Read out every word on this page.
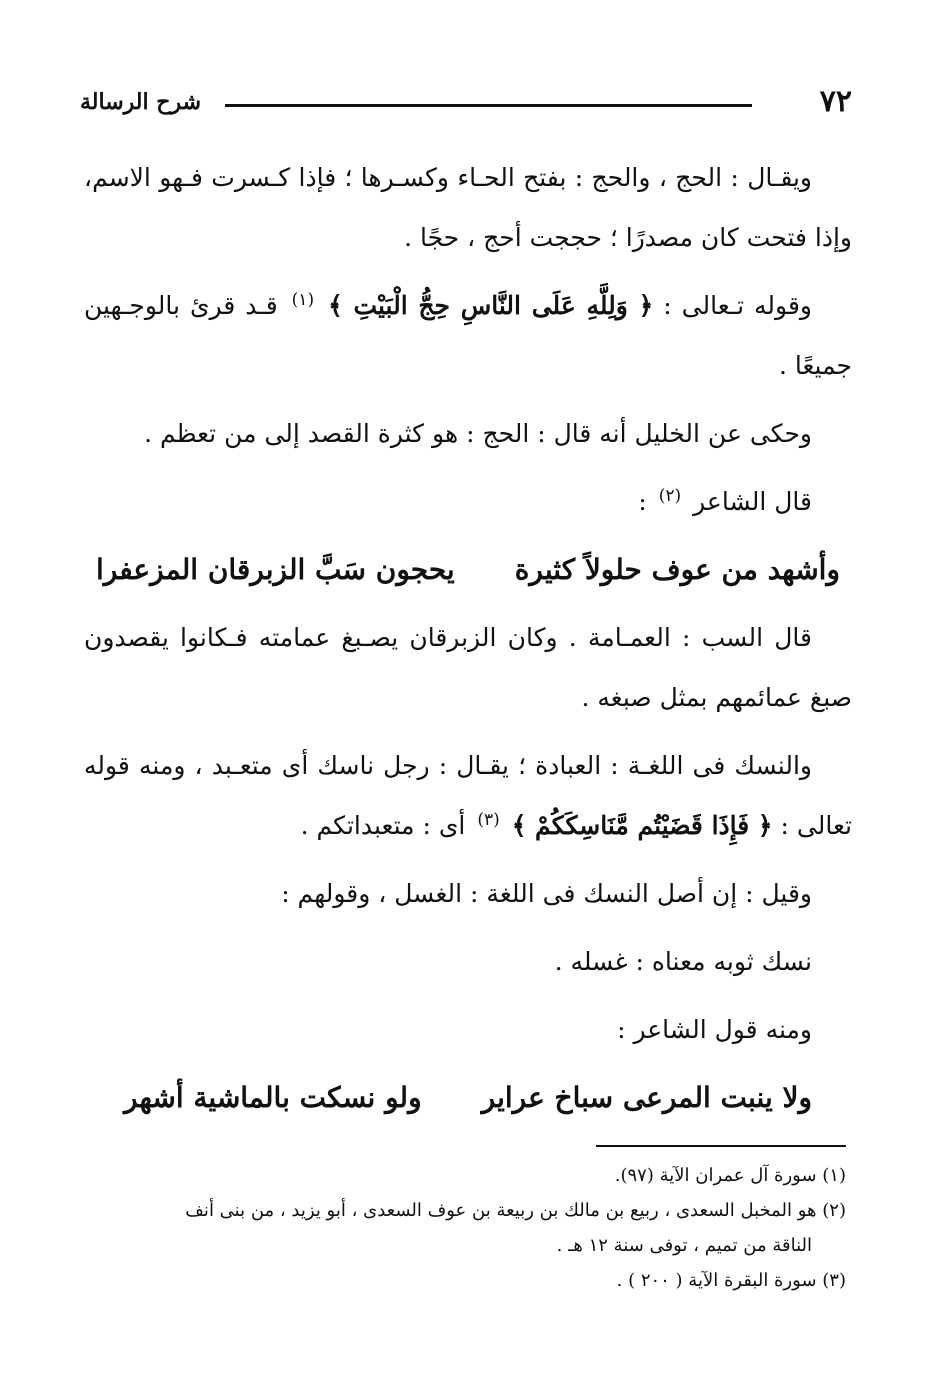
٧٢
شرح الرسالة

ويقـال : الحج ، والحج : بفتح الحـاء وكسـرها ؛ فإذا كـسرت فـهو الاسم، وإذا فتحت كان مصدرًا ؛ حججت أحج ، حجًا .

وقوله تـعالى : ﴿ وَلِلَّهِ عَلَى النَّاسِ حِجُّ الْبَيْتِ ﴾ $^{(١)}$ قـد قرئ بالوجـهين جميعًا .

وحكى عن الخليل أنه قال : الحج : هو كثرة القصد إلى من تعظم .

قال الشاعر $^{(٢)}$ :

وأشهد من عوف حلولاً كثيرة
يحجون سَبَّ الزبرقان المزعفرا

قال السب : العمـامة . وكان الزبرقان يصـبغ عمامته فـكانوا يقصدون صبغ عمائمهم بمثل صبغه .

والنسك فى اللغـة : العبادة ؛ يقـال : رجل ناسك أى متعـبد ، ومنه قوله تعالى : ﴿ فَإِذَا قَضَيْتُم مَّنَاسِكَكُمْ ﴾ $^{(٣)}$ أى : متعبداتكم .

وقيل : إن أصل النسك فى اللغة : الغسل ، وقولهم :

نسك ثوبه معناه : غسله .

ومنه قول الشاعر :

ولا ينبت المرعى سباخ عراير
ولو نسكت بالماشية أشهر

(١) سورة آل عمران الآية (٩٧).

(٢) هو المخبل السعدى ، ربيع بن مالك بن ربيعة بن عوف السعدى ، أبو يزيد ، من بنى أنف
الناقة من تميم ، توفى سنة ١٢ هـ .

(٣) سورة البقرة الآية ( ٢٠٠ ) .
